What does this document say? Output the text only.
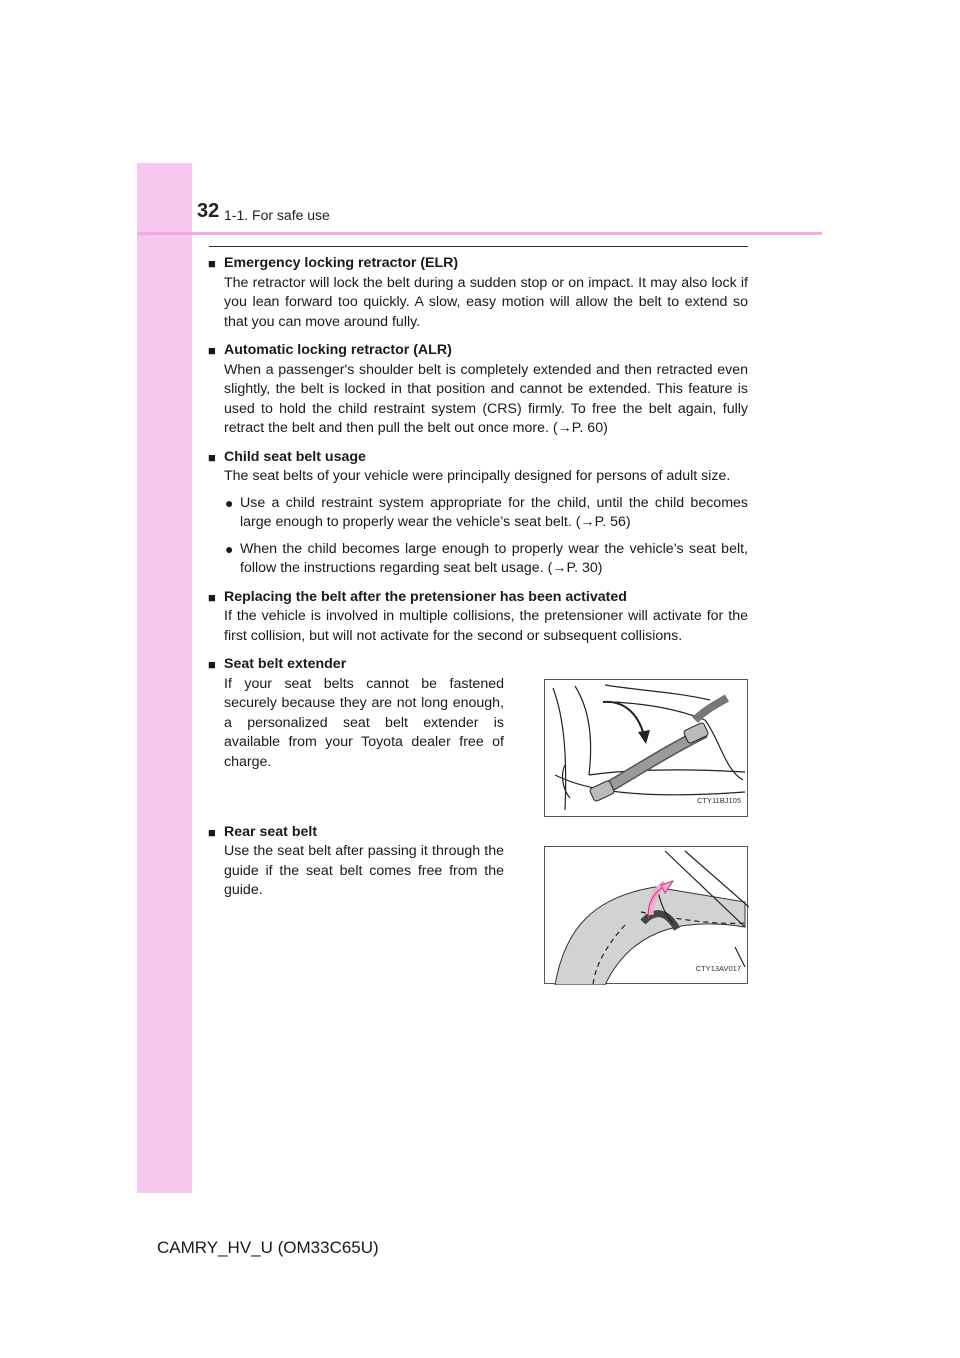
32 1-1. For safe use
■ Emergency locking retractor (ELR)
The retractor will lock the belt during a sudden stop or on impact. It may also lock if you lean forward too quickly. A slow, easy motion will allow the belt to extend so that you can move around fully.
■ Automatic locking retractor (ALR)
When a passenger's shoulder belt is completely extended and then retracted even slightly, the belt is locked in that position and cannot be extended. This feature is used to hold the child restraint system (CRS) firmly. To free the belt again, fully retract the belt and then pull the belt out once more. (→P. 60)
■ Child seat belt usage
The seat belts of your vehicle were principally designed for persons of adult size.
● Use a child restraint system appropriate for the child, until the child becomes large enough to properly wear the vehicle’s seat belt. (→P. 56)
● When the child becomes large enough to properly wear the vehicle’s seat belt, follow the instructions regarding seat belt usage. (→P. 30)
■ Replacing the belt after the pretensioner has been activated
If the vehicle is involved in multiple collisions, the pretensioner will activate for the first collision, but will not activate for the second or subsequent collisions.
■ Seat belt extender
If your seat belts cannot be fastened securely because they are not long enough, a personalized seat belt extender is available from your Toyota dealer free of charge.
CTY11BJ105
■ Rear seat belt
Use the seat belt after passing it through the guide if the seat belt comes free from the guide.
CTY13AV017
CAMRY_HV_U (OM33C65U)
